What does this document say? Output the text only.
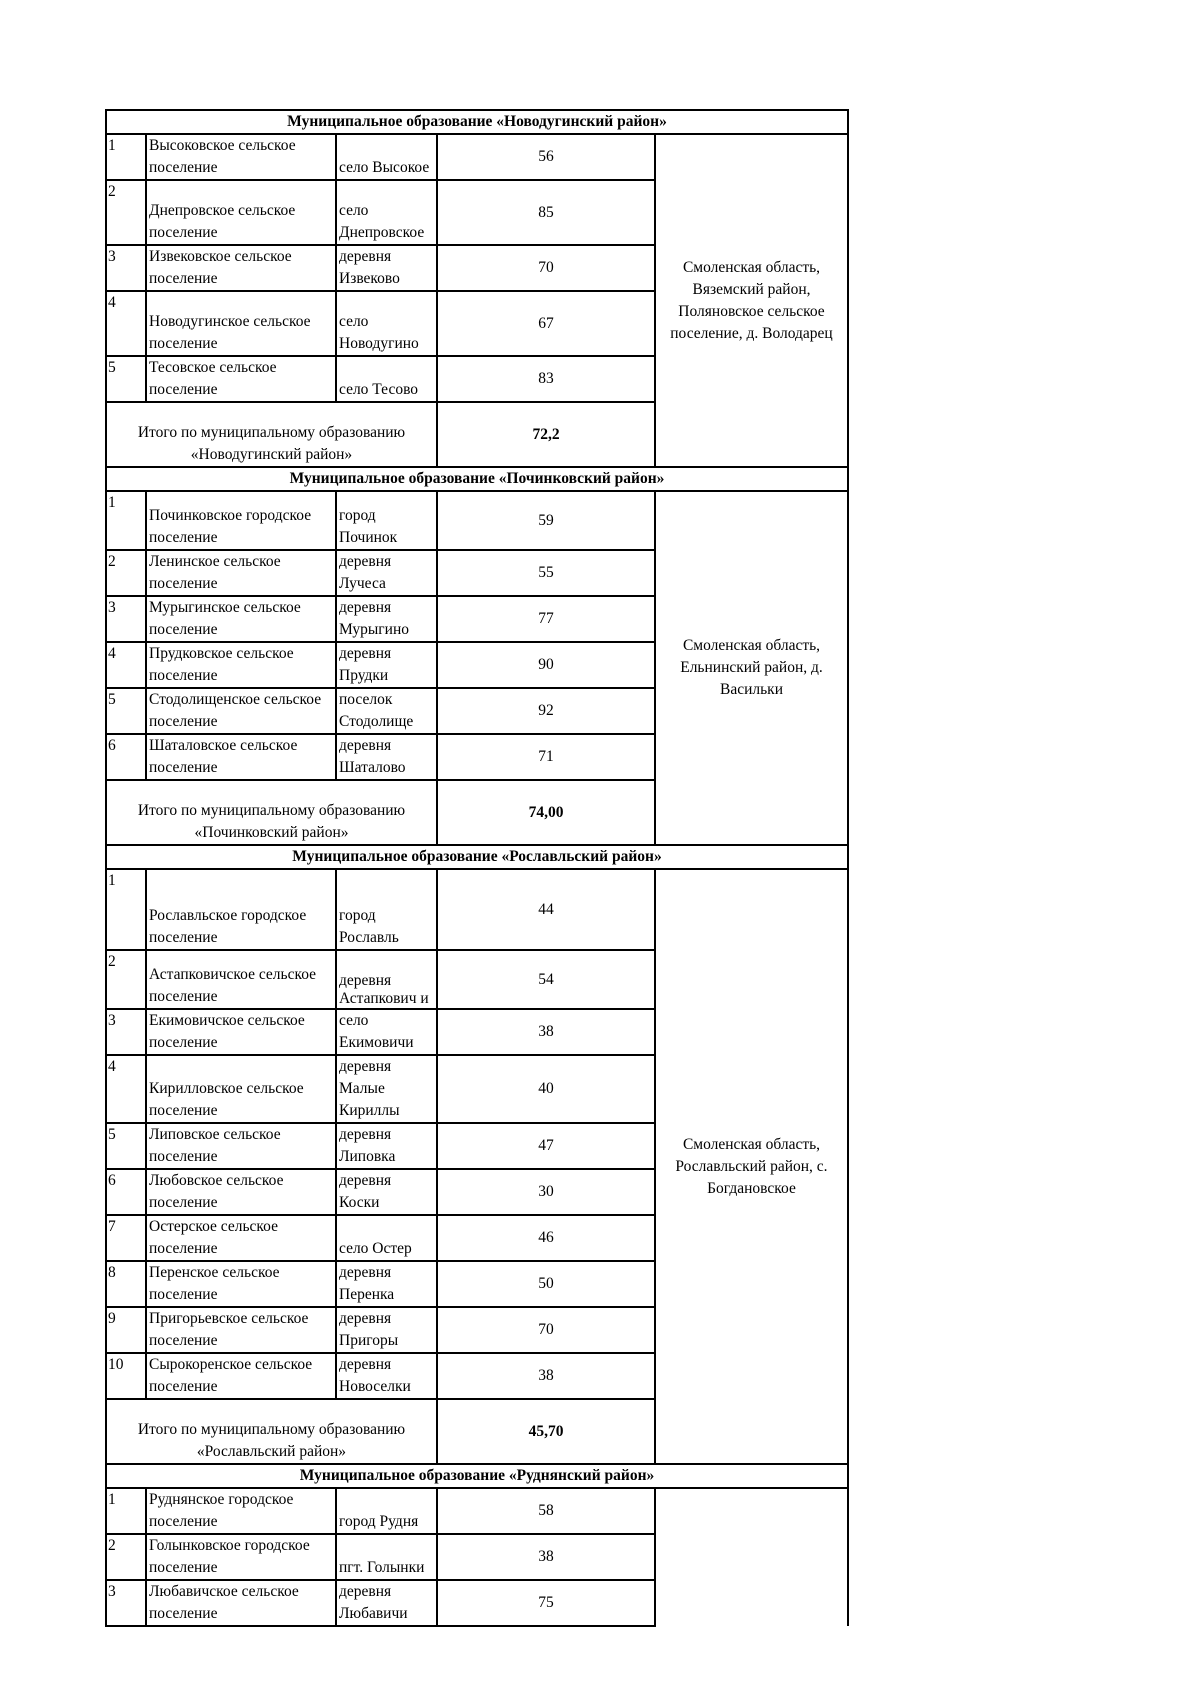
Муниципальное образование «Новодугинский район»				
1	Высоковское сельское поселение	село Высокое	56	Смоленская область, Вяземский район, Поляновское сельское поселение, д. Володарец
2	Днепровское сельское поселение	село Днепровское	85	
3	Извековское сельское поселение	деревня Извеково	70	
4	Новодугинское сельское поселение	село Новодугино	67	
5	Тесовское сельское поселение	село Тесово	83	
Итого по муниципальному образованию «Новодугинский район»			72,2	
Муниципальное образование «Починковский район»				
1	Починковское городское поселение	город Починок	59	Смоленская область, Ельнинский район, д. Васильки
2	Ленинское сельское поселение	деревня Лучеса	55	
3	Мурыгинское сельское поселение	деревня Мурыгино	77	
4	Прудковское сельское поселение	деревня Прудки	90	
5	Стодолищенское сельское поселение	поселок Стодолище	92	
6	Шаталовское сельское поселение	деревня Шаталово	71	
Итого по муниципальному образованию «Починковский район»			74,00	
Муниципальное образование «Рославльский район»				
1	Рославльское городское поселение	город Рославль	44	Смоленская область, Рославльский район, с. Богдановское
2	Астапковичское сельское поселение	деревня Астапкович и	54	
3	Екимовичское сельское поселение	село Екимовичи	38	
4	Кирилловское сельское поселение	деревня Малые Кириллы	40	
5	Липовское сельское поселение	деревня Липовка	47	
6	Любовское сельское поселение	деревня Коски	30	
7	Остерское сельское поселение	село Остер	46	
8	Перенское сельское поселение	деревня Перенка	50	
9	Пригорьевское сельское поселение	деревня Пригоры	70	
10	Сырокоренское сельское поселение	деревня Новоселки	38	
Итого по муниципальному образованию «Рославльский район»			45,70	
Муниципальное образование «Руднянский район»				
1	Руднянское городское поселение	город Рудня	58	
2	Голынковское городское поселение	пгт. Голынки	38	
3	Любавичское сельское поселение	деревня Любавичи	75	
